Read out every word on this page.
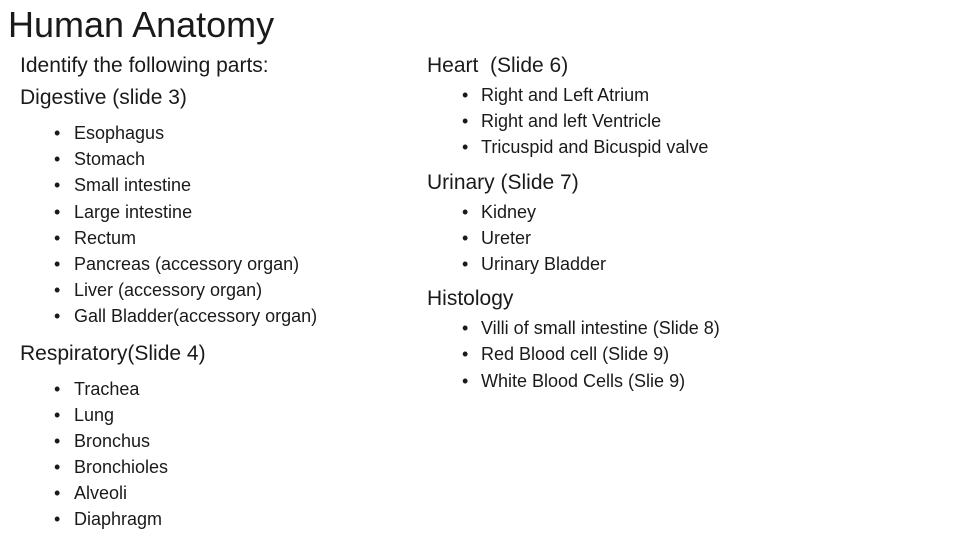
Human Anatomy
Identify the following parts:
Digestive (slide 3)
• Esophagus
• Stomach
• Small intestine
• Large intestine
• Rectum
• Pancreas (accessory organ)
• Liver (accessory organ)
• Gall Bladder(accessory organ)
Respiratory(Slide 4)
• Trachea
• Lung
• Bronchus
• Bronchioles
• Alveoli
• Diaphragm
Heart  (Slide 6)
• Right and Left Atrium
• Right and left Ventricle
• Tricuspid and Bicuspid valve
Urinary (Slide 7)
• Kidney
• Ureter
• Urinary Bladder
Histology
• Villi of small intestine (Slide 8)
• Red Blood cell (Slide 9)
• White Blood Cells (Slie 9)
